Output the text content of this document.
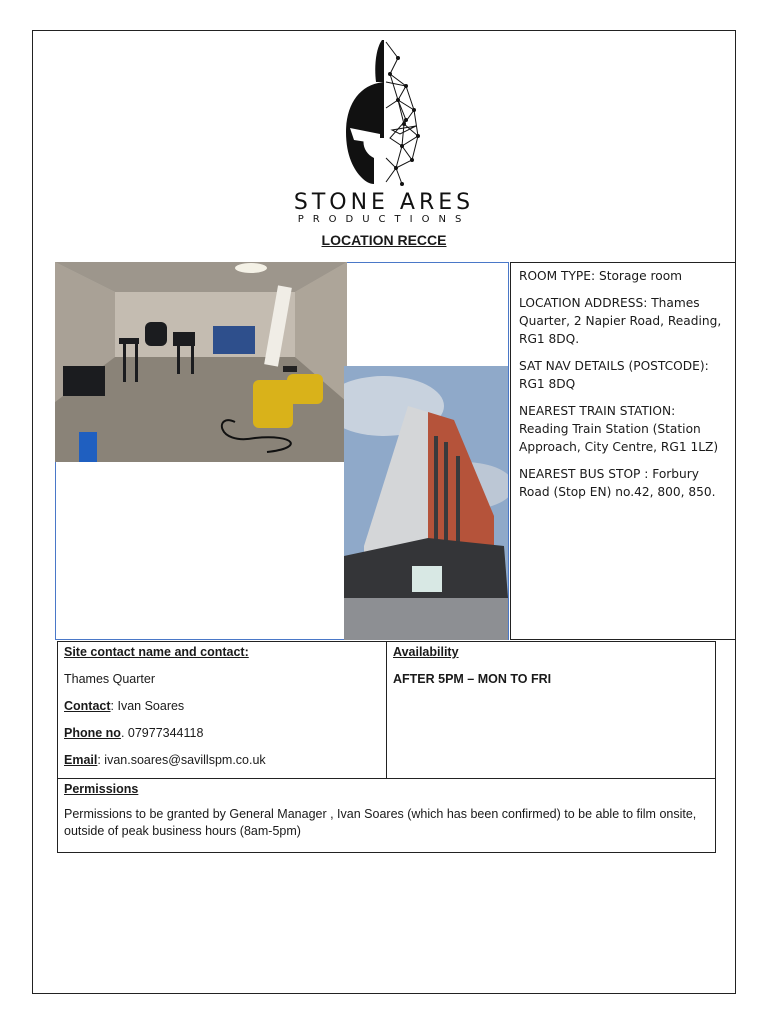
STONE ARES
PRODUCTIONS
LOCATION RECCE

ROOM TYPE: Storage room

LOCATION ADDRESS: Thames Quarter, 2 Napier Road, Reading, RG1 8DQ.

SAT NAV DETAILS (POSTCODE): RG1 8DQ

NEAREST TRAIN STATION: Reading Train Station (Station Approach, City Centre, RG1 1LZ)

NEAREST BUS STOP : Forbury Road (Stop EN) no.42, 800, 850.

Site contact name and contact:

Thames Quarter

Contact: Ivan Soares

Phone no. 07977344118

Email: ivan.soares@savillspm.co.uk

Availability

AFTER 5PM – MON TO FRI

Permissions

Permissions to be granted by General Manager , Ivan Soares (which has been confirmed) to be able to film onsite, outside of peak business hours (8am-5pm)
